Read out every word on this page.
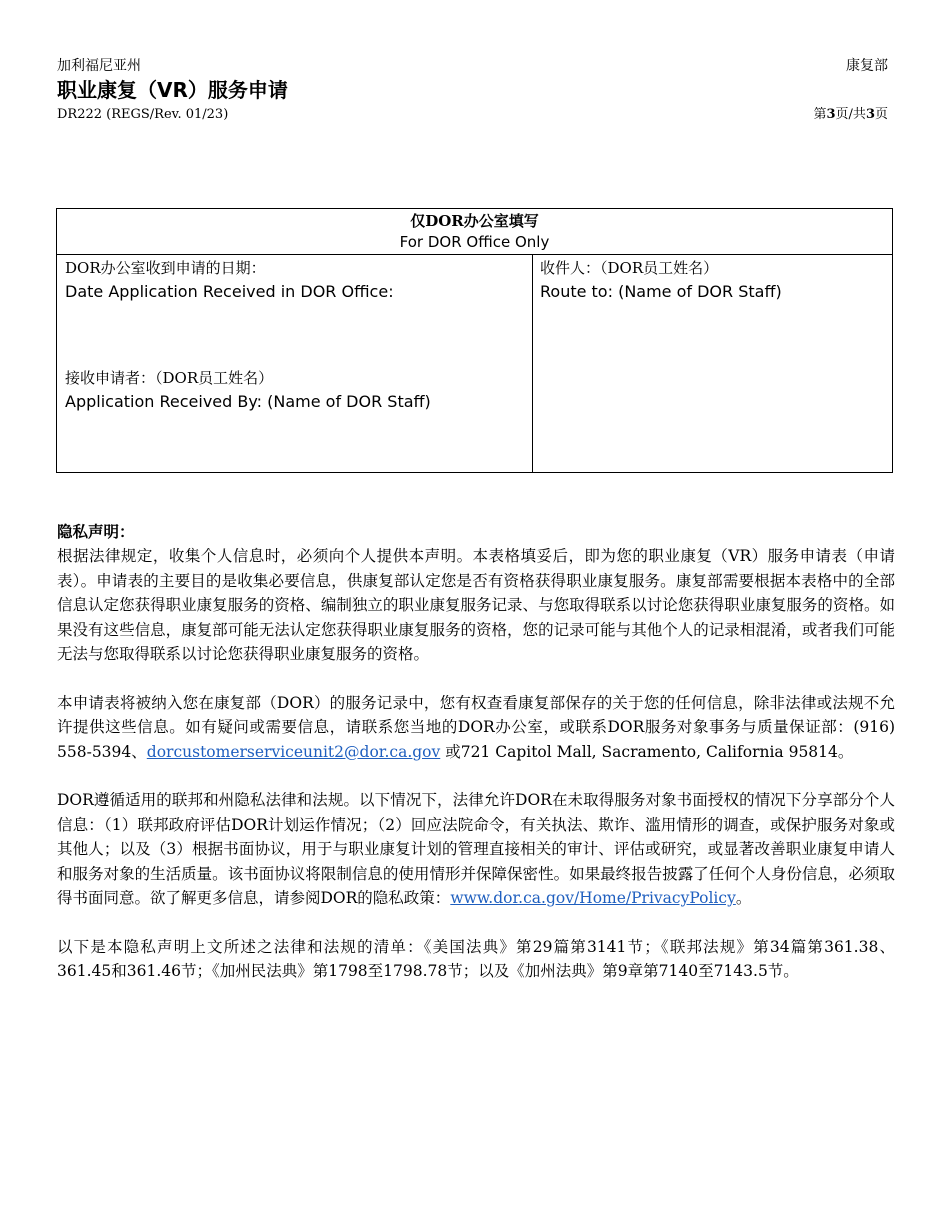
加利福尼亚州	康复部
职业康复（VR）服务申请
DR222 (REGS/Rev. 01/23)	第3页/共3页
仅DOR办公室填写
For DOR Office Only
DOR办公室收到申请的日期：
Date Application Received in DOR Office:
接收申请者：（DOR员工姓名）
Application Received By: (Name of DOR Staff)
收件人：（DOR员工姓名）
Route to: (Name of DOR Staff)
隐私声明：

根据法律规定，收集个人信息时，必须向个人提供本声明。本表格填妥后，即为您的职业康复（VR）服务申请表（申请表）。申请表的主要目的是收集必要信息，供康复部认定您是否有资格获得职业康复服务。康复部需要根据本表格中的全部信息认定您获得职业康复服务的资格、编制独立的职业康复服务记录、与您取得联系以讨论您获得职业康复服务的资格。如果没有这些信息，康复部可能无法认定您获得职业康复服务的资格，您的记录可能与其他个人的记录相混淆，或者我们可能无法与您取得联系以讨论您获得职业康复服务的资格。

本申请表将被纳入您在康复部（DOR）的服务记录中，您有权查看康复部保存的关于您的任何信息，除非法律或法规不允许提供这些信息。如有疑问或需要信息，请联系您当地的DOR办公室，或联系DOR服务对象事务与质量保证部：(916) 558-5394、dorcustomerserviceunit2@dor.ca.gov 或721 Capitol Mall, Sacramento, California 95814。

DOR遵循适用的联邦和州隐私法律和法规。以下情况下，法律允许DOR在未取得服务对象书面授权的情况下分享部分个人信息：（1）联邦政府评估DOR计划运作情况；（2）回应法院命令，有关执法、欺诈、滥用情形的调查，或保护服务对象或其他人；以及（3）根据书面协议，用于与职业康复计划的管理直接相关的审计、评估或研究，或显著改善职业康复申请人和服务对象的生活质量。该书面协议将限制信息的使用情形并保障保密性。如果最终报告披露了任何个人身份信息，必须取得书面同意。欲了解更多信息，请参阅DOR的隐私政策：www.dor.ca.gov/Home/PrivacyPolicy。

以下是本隐私声明上文所述之法律和法规的清单：《美国法典》第29篇第3141节；《联邦法规》第34篇第361.38、361.45和361.46节；《加州民法典》第1798至1798.78节；以及《加州法典》第9章第7140至7143.5节。
